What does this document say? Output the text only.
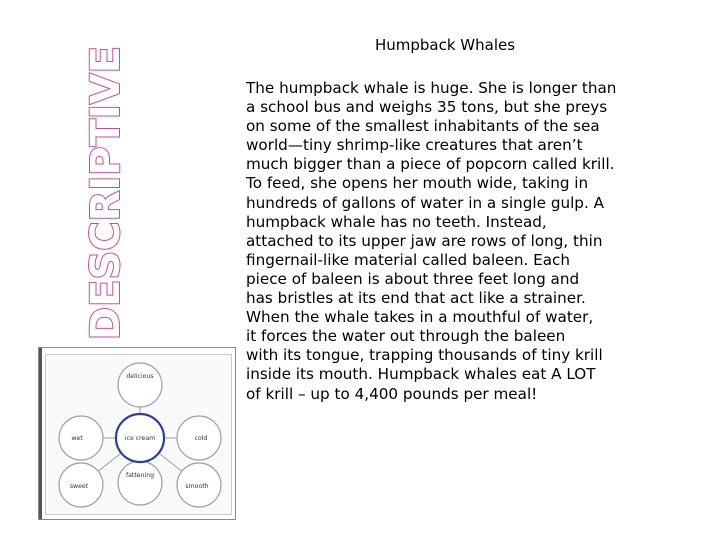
DESCRIPTIVE
Humpback Whales
The humpback whale is huge. She is longer than
a school bus and weighs 35 tons, but she preys
on some of the smallest inhabitants of the sea
world—tiny shrimp-like creatures that aren’t
much bigger than a piece of popcorn called krill.
To feed, she opens her mouth wide, taking in
hundreds of gallons of water in a single gulp. A
humpback whale has no teeth. Instead,
attached to its upper jaw are rows of long, thin
fingernail-like material called baleen. Each
piece of baleen is about three feet long and
has bristles at its end that act like a strainer.
When the whale takes in a mouthful of water,
it forces the water out through the baleen
with its tongue, trapping thousands of tiny krill
inside its mouth. Humpback whales eat A LOT
of krill – up to 4,400 pounds per meal!
ice cream
delicious
cold
smooth
fattening
sweet
wet
